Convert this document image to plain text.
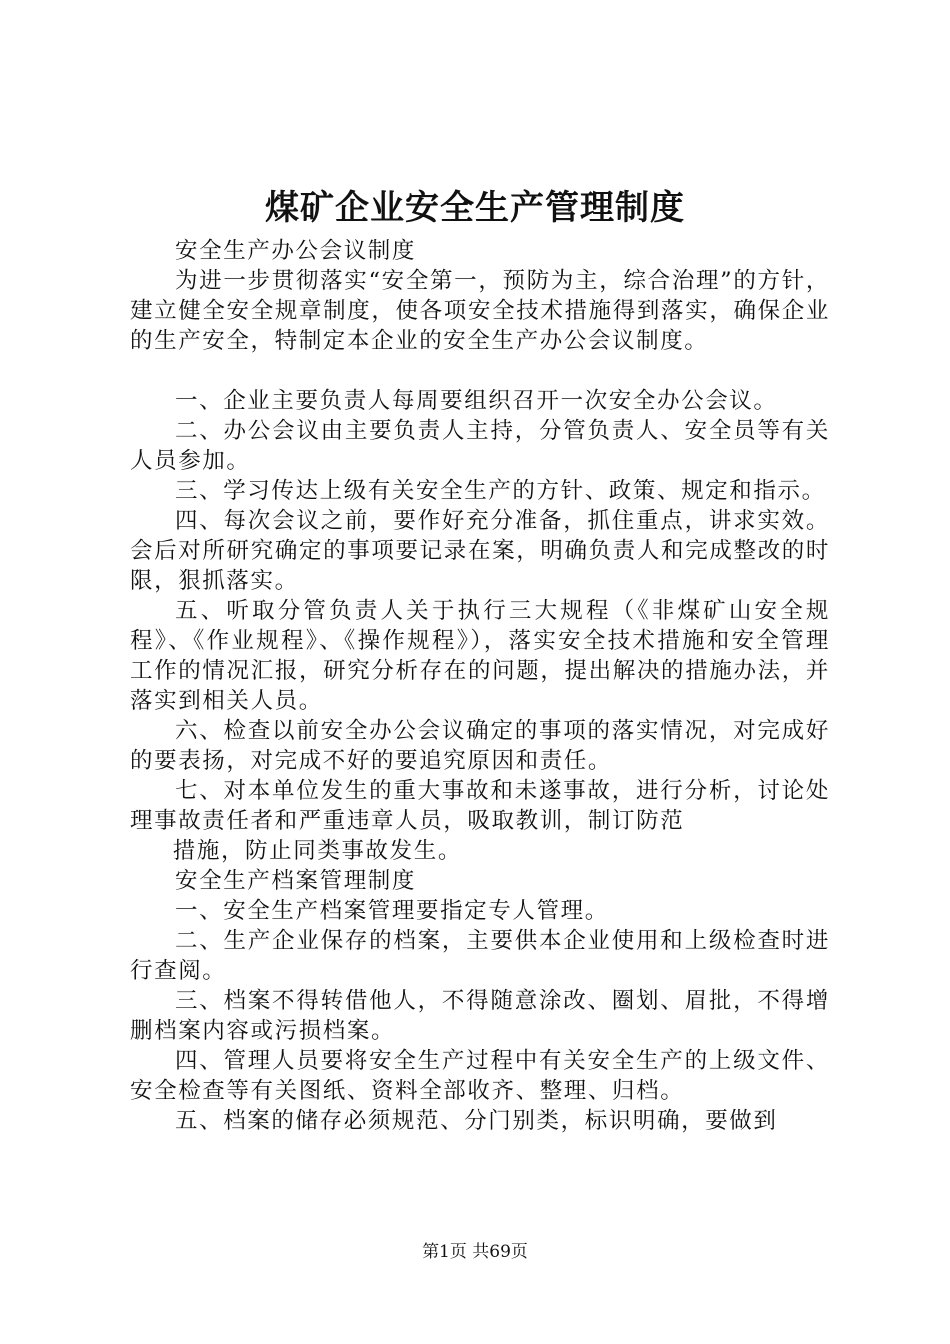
煤矿企业安全生产管理制度

安全生产办公会议制度

为进一步贯彻落实“安全第一，预防为主，综合治理”的方针，建立健全安全规章制度，使各项安全技术措施得到落实，确保企业的生产安全，特制定本企业的安全生产办公会议制度。

一、企业主要负责人每周要组织召开一次安全办公会议。

二、办公会议由主要负责人主持，分管负责人、安全员等有关人员参加。

三、学习传达上级有关安全生产的方针、政策、规定和指示。

四、每次会议之前，要作好充分准备，抓住重点，讲求实效。会后对所研究确定的事项要记录在案，明确负责人和完成整改的时限，狠抓落实。

五、听取分管负责人关于执行三大规程（《非煤矿山安全规程》、《作业规程》、《操作规程》），落实安全技术措施和安全管理工作的情况汇报，研究分析存在的问题，提出解决的措施办法，并落实到相关人员。

六、检查以前安全办公会议确定的事项的落实情况，对完成好的要表扬，对完成不好的要追究原因和责任。

七、对本单位发生的重大事故和未遂事故，进行分析，讨论处理事故责任者和严重违章人员，吸取教训，制订防范

措施，防止同类事故发生。

安全生产档案管理制度

一、安全生产档案管理要指定专人管理。

二、生产企业保存的档案，主要供本企业使用和上级检查时进行查阅。

三、档案不得转借他人，不得随意涂改、圈划、眉批，不得增删档案内容或污损档案。

四、管理人员要将安全生产过程中有关安全生产的上级文件、安全检查等有关图纸、资料全部收齐、整理、归档。

五、档案的储存必须规范、分门别类，标识明确，要做到

第1页 共69页
